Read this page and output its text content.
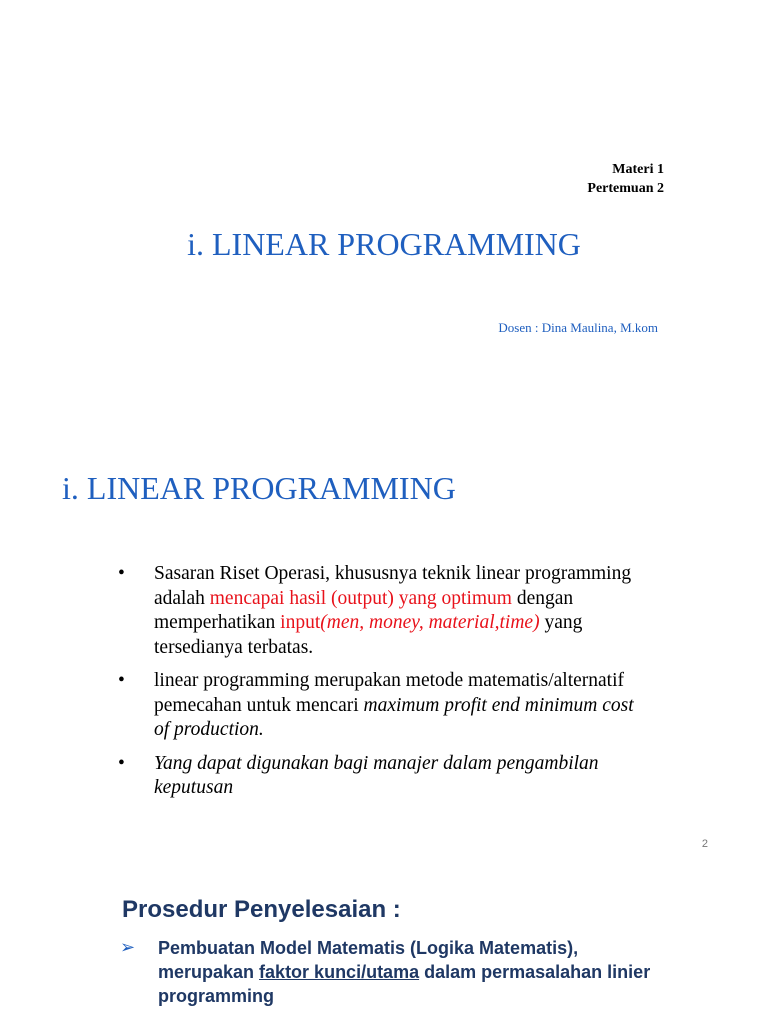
Materi 1
Pertemuan 2
i. LINEAR PROGRAMMING
Dosen : Dina Maulina, M.kom
i. LINEAR PROGRAMMING
• Sasaran Riset Operasi, khususnya teknik linear programming adalah mencapai hasil (output) yang optimum dengan memperhatikan input(men, money, material,time) yang tersedianya terbatas.
• linear programming merupakan metode matematis/alternatif pemecahan untuk mencari maximum profit end minimum cost of production.
• Yang dapat digunakan bagi manajer dalam pengambilan keputusan
2
Prosedur Penyelesaian :
➢ Pembuatan Model Matematis (Logika Matematis), merupakan faktor kunci/utama dalam permasalahan linier programming
